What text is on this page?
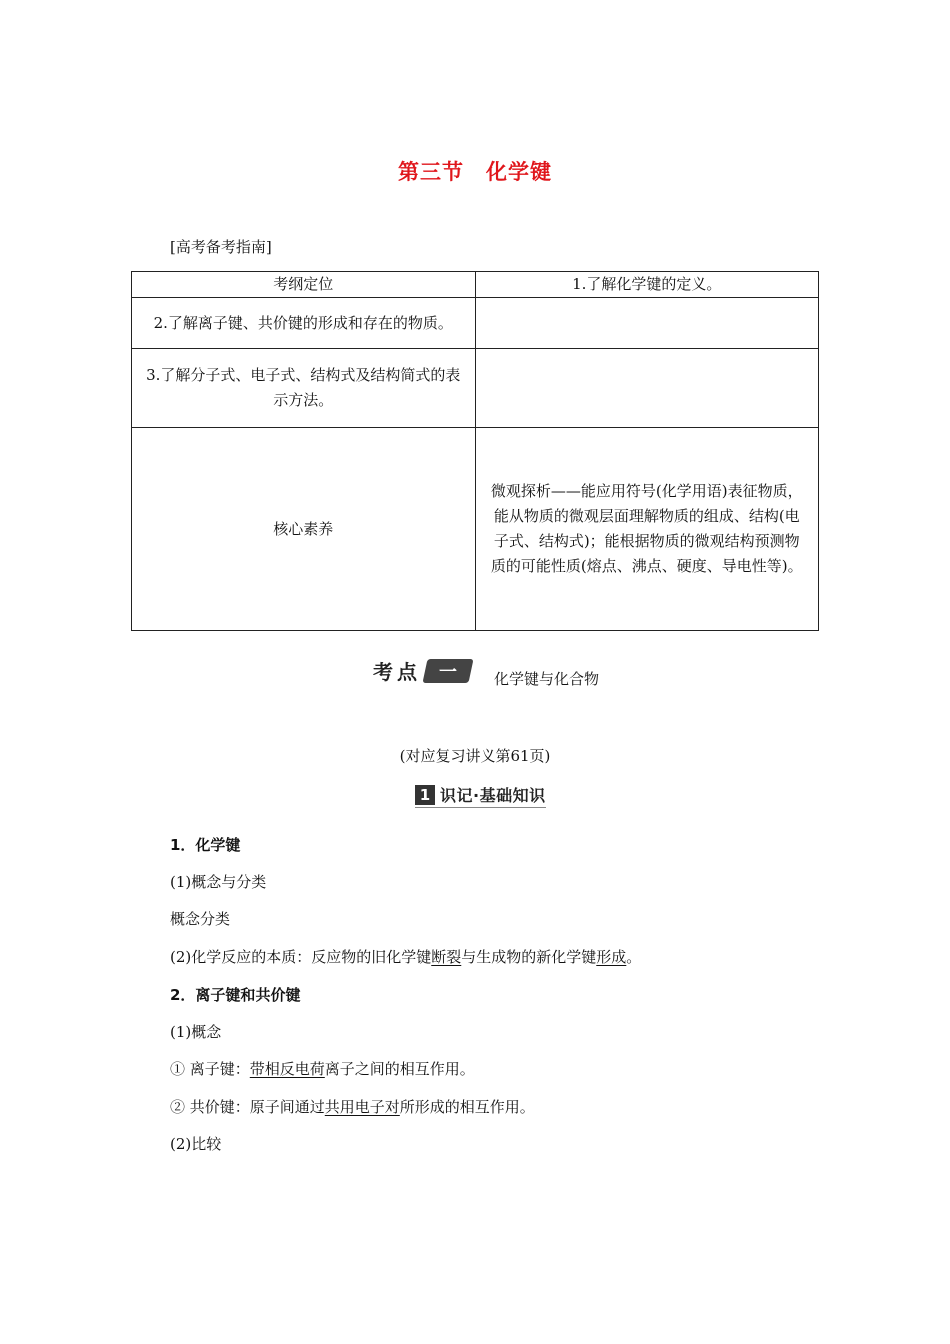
第三节 化学键
[高考备考指南]
考纲定位	1.了解化学键的定义。
2.了解离子键、共价键的形成和存在的物质。	
3.了解分子式、电子式、结构式及结构简式的表示方法。	
核心素养	微观探析——能应用符号(化学用语)表征物质，能从物质的微观层面理解物质的组成、结构(电子式、结构式)；能根据物质的微观结构预测物质的可能性质(熔点、沸点、硬度、导电性等)。
考点	一	化学键与化合物
(对应复习讲义第61页)
1 识记·基础知识
1．化学键
(1)概念与分类
概念分类
(2)化学反应的本质：反应物的旧化学键断裂与生成物的新化学键形成。
2．离子键和共价键
(1)概念
① 离子键：带相反电荷离子之间的相互作用。
② 共价键：原子间通过共用电子对所形成的相互作用。
(2)比较
